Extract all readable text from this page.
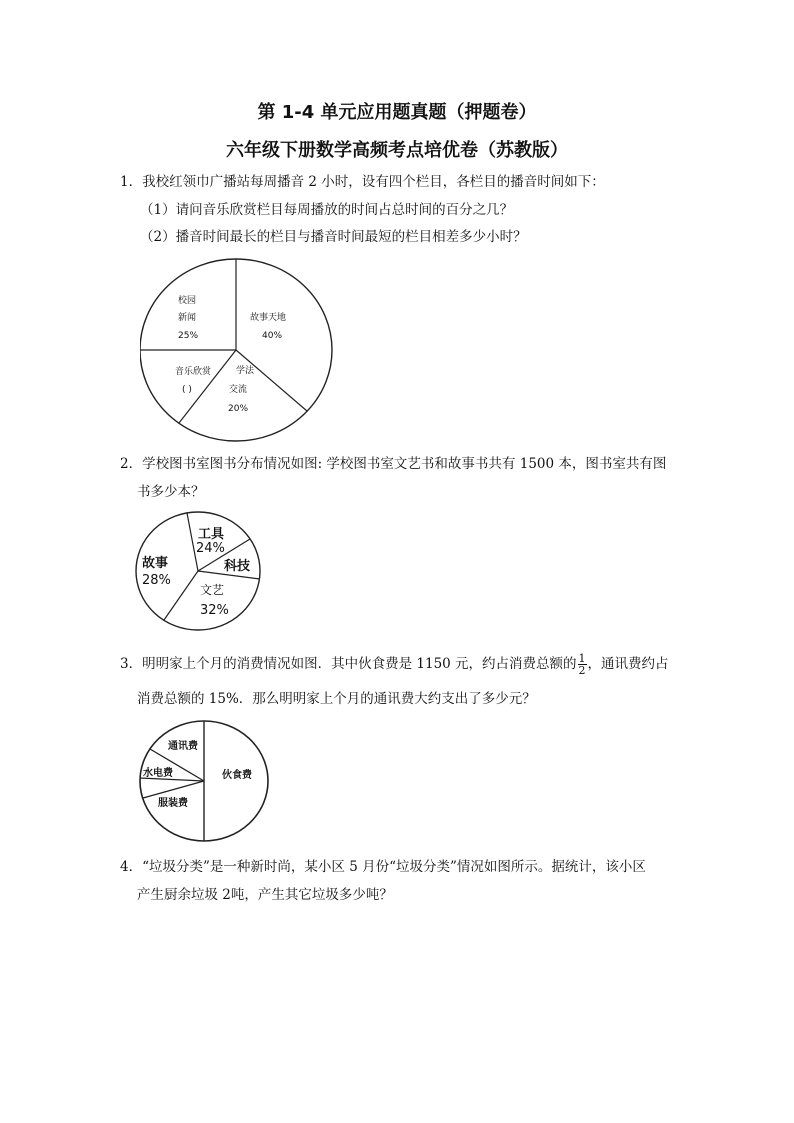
第 1-4 单元应用题真题（押题卷）
六年级下册数学高频考点培优卷（苏教版）
1．我校红领巾广播站每周播音 2 小时，设有四个栏目，各栏目的播音时间如下：
（1）请问音乐欣赏栏目每周播放的时间占总时间的百分之几？
（2）播音时间最长的栏目与播音时间最短的栏目相差多少小时？
校园
新闻
25%
故事天地
40%
音乐欣赏
( )
学法
交流
20%
2．学校图书室图书分布情况如图: 学校图书室文艺书和故事书共有 1500 本，图书室共有图
书多少本？
工具
24%
科技
故事
28%
文艺
32%
3．明明家上个月的消费情况如图．其中伙食费是 1150 元，约占消费总额的 $\frac{1}{2}$ ，通讯费约占
消费总额的 15%．那么明明家上个月的通讯费大约支出了多少元？
伙食费
通讯费
水电费
服装费
4．“垃圾分类”是一种新时尚，某小区 5 月份“垃圾分类”情况如图所示。据统计，该小区
产生厨余垃圾 2吨，产生其它垃圾多少吨？
